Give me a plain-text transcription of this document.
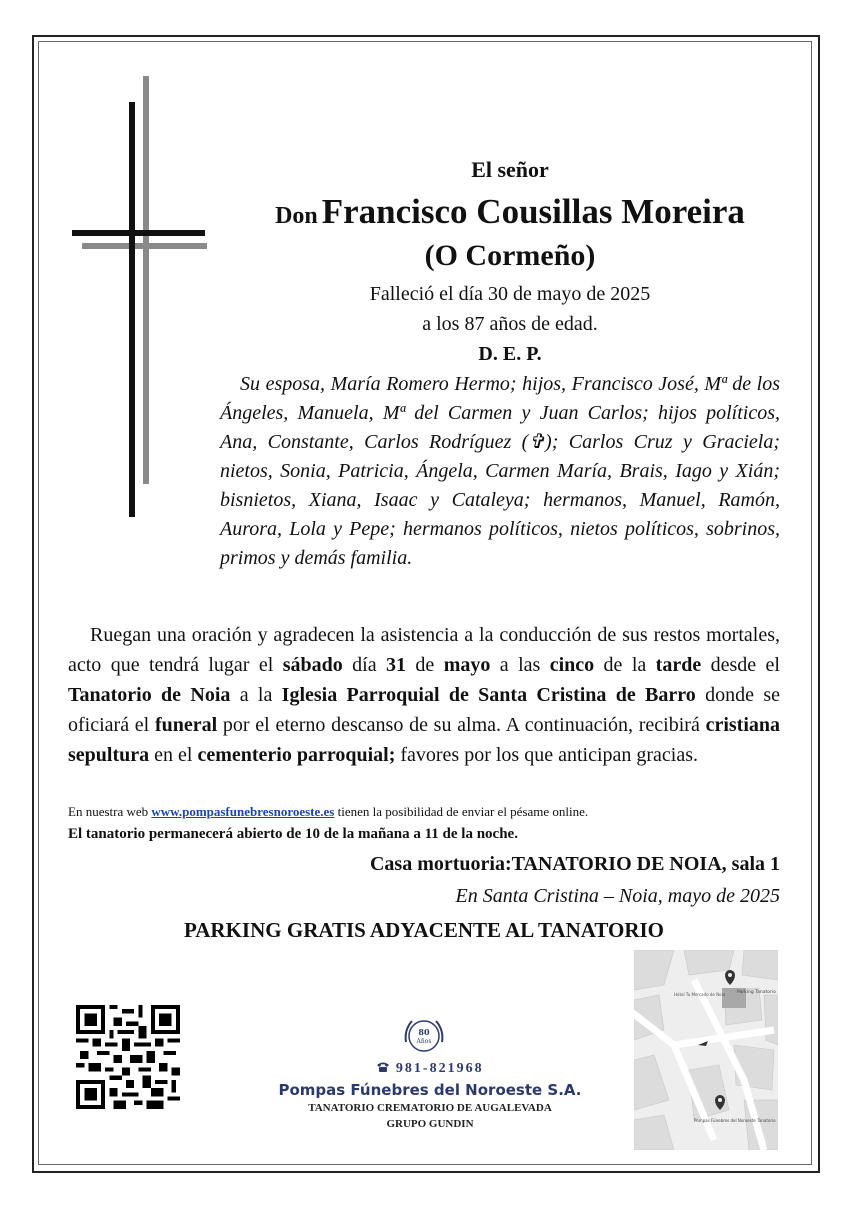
El señor
Don Francisco Cousillas Moreira
(O Cormeño)
Falleció el día 30 de mayo de 2025
a los 87 años de edad.
D. E. P.
Su esposa, María Romero Hermo; hijos, Francisco José, Mª de los Ángeles, Manuela, Mª del Carmen y Juan Carlos; hijos políticos, Ana, Constante, Carlos Rodríguez (✞); Carlos Cruz y Graciela; nietos, Sonia, Patricia, Ángela, Carmen María, Brais, Iago y Xián; bisnietos, Xiana, Isaac y Cataleya; hermanos, Manuel, Ramón, Aurora, Lola y Pepe; hermanos políticos, nietos políticos, sobrinos, primos y demás familia.
Ruegan una oración y agradecen la asistencia a la conducción de sus restos mortales, acto que tendrá lugar el sábado día 31 de mayo a las cinco de la tarde desde el Tanatorio de Noia a la Iglesia Parroquial de Santa Cristina de Barro donde se oficiará el funeral por el eterno descanso de su alma. A continuación, recibirá cristiana sepultura en el cementerio parroquial; favores por los que anticipan gracias.
En nuestra web www.pompasfunebresnoroeste.es tienen la posibilidad de enviar el pésame online.
El tanatorio permanecerá abierto de 10 de la mañana a 11 de la noche.
Casa mortuoria:TANATORIO DE NOIA, sala 1
En Santa Cristina – Noia, mayo de 2025
PARKING GRATIS ADYACENTE AL TANATORIO
80
Años
981-821968
Pompas Fúnebres del Noroeste S.A.
TANATORIO CREMATORIO DE AUGALEVADA
GRUPO GUNDIN
Parking Tanatorio
Hotel Tu Mercado de Noia
Pompas Fúnebres del Noroeste Tanatorio
